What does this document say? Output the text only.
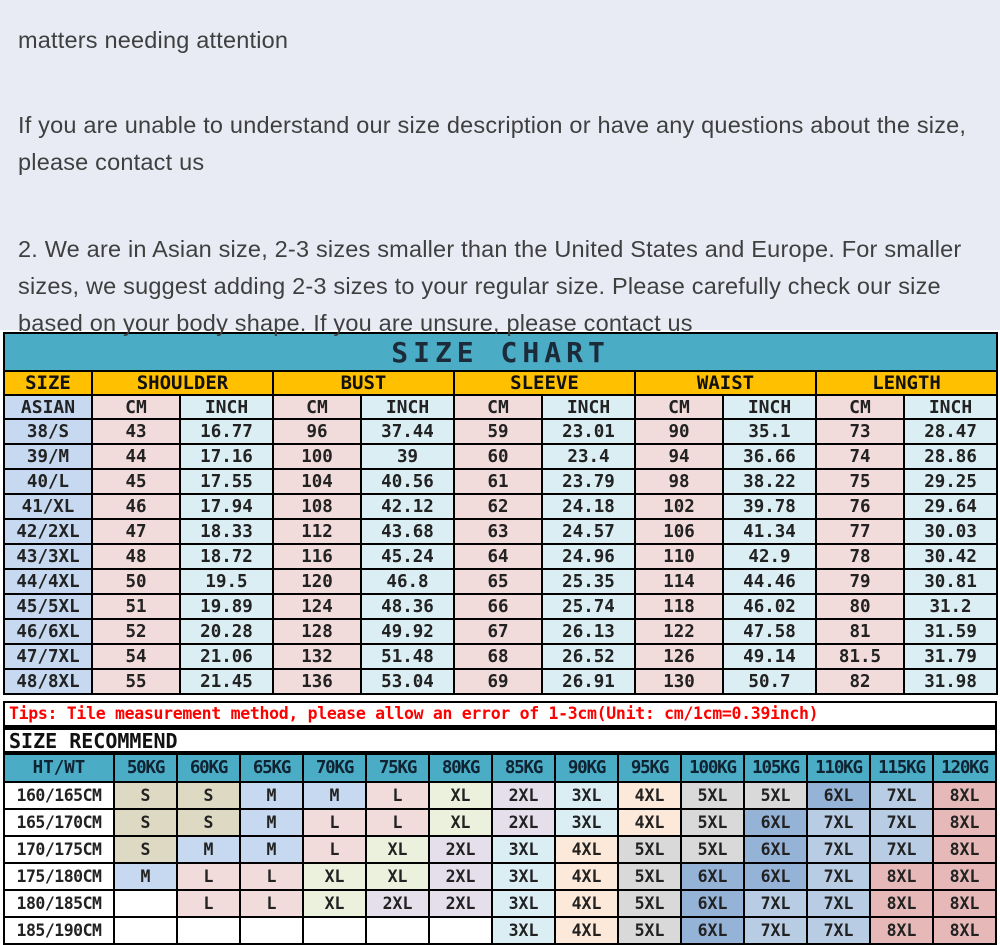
matters needing attention

If you are unable to understand our size description or have any questions about the size, please contact us

2. We are in Asian size, 2-3 sizes smaller than the United States and Europe. For smaller sizes, we suggest adding 2-3 sizes to your regular size. Please carefully check our size based on your body shape. If you are unsure, please contact us

SIZE CHART										
SIZE	SHOULDER		BUST		SLEEVE		WAIST		LENGTH	
ASIAN	CM	INCH	CM	INCH	CM	INCH	CM	INCH	CM	INCH
38/S	43	16.77	96	37.44	59	23.01	90	35.1	73	28.47
39/M	44	17.16	100	39	60	23.4	94	36.66	74	28.86
40/L	45	17.55	104	40.56	61	23.79	98	38.22	75	29.25
41/XL	46	17.94	108	42.12	62	24.18	102	39.78	76	29.64
42/2XL	47	18.33	112	43.68	63	24.57	106	41.34	77	30.03
43/3XL	48	18.72	116	45.24	64	24.96	110	42.9	78	30.42
44/4XL	50	19.5	120	46.8	65	25.35	114	44.46	79	30.81
45/5XL	51	19.89	124	48.36	66	25.74	118	46.02	80	31.2
46/6XL	52	20.28	128	49.92	67	26.13	122	47.58	81	31.59
47/7XL	54	21.06	132	51.48	68	26.52	126	49.14	81.5	31.79
48/8XL	55	21.45	136	53.04	69	26.91	130	50.7	82	31.98
Tips: Tile measurement method, please allow an error of 1-3cm(Unit: cm/1cm=0.39inch)
SIZE RECOMMEND
HT/WT	50KG	60KG	65KG	70KG	75KG	80KG	85KG	90KG	95KG	100KG	105KG	110KG	115KG	120KG
160/165CM	S	S	M	M	L	XL	2XL	3XL	4XL	5XL	5XL	6XL	7XL	8XL
165/170CM	S	S	M	L	L	XL	2XL	3XL	4XL	5XL	6XL	7XL	7XL	8XL
170/175CM	S	M	M	L	XL	2XL	3XL	4XL	5XL	5XL	6XL	7XL	7XL	8XL
175/180CM	M	L	L	XL	XL	2XL	3XL	4XL	5XL	6XL	6XL	7XL	8XL	8XL
180/185CM		L	L	XL	2XL	2XL	3XL	4XL	5XL	6XL	7XL	7XL	8XL	8XL
185/190CM							3XL	4XL	5XL	6XL	7XL	7XL	8XL	8XL
